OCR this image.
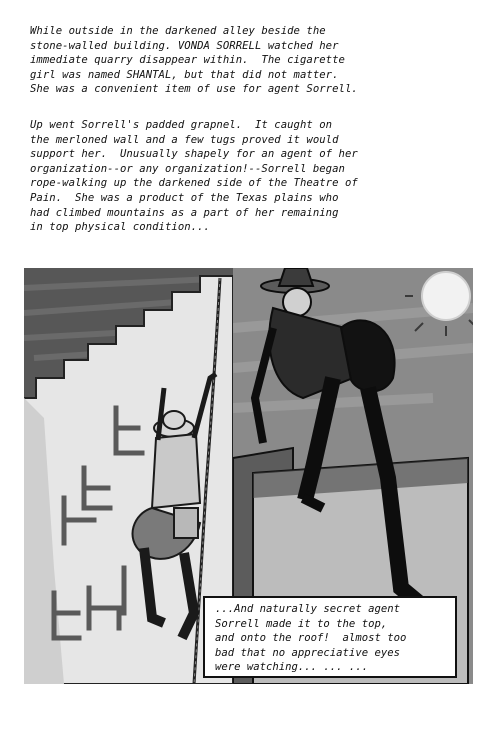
While outside in the darkened alley beside the
stone-walled building. VONDA SORRELL watched her
immediate quarry disappear within.  The cigarette
girl was named SHANTAL, but that did not matter.
She was a convenient item of use for agent Sorrell.
Up went Sorrell's padded grapnel.  It caught on
the merloned wall and a few tugs proved it would
support her.  Unusually shapely for an agent of her
organization--or any organization!--Sorrell began
rope-walking up the darkened side of the Theatre of
Pain.  She was a product of the Texas plains who
had climbed mountains as a part of her remaining
in top physical condition...
...And naturally secret agent
Sorrell made it to the top,
and onto the roof!  almost too
bad that no appreciative eyes
were watching... ... ...
